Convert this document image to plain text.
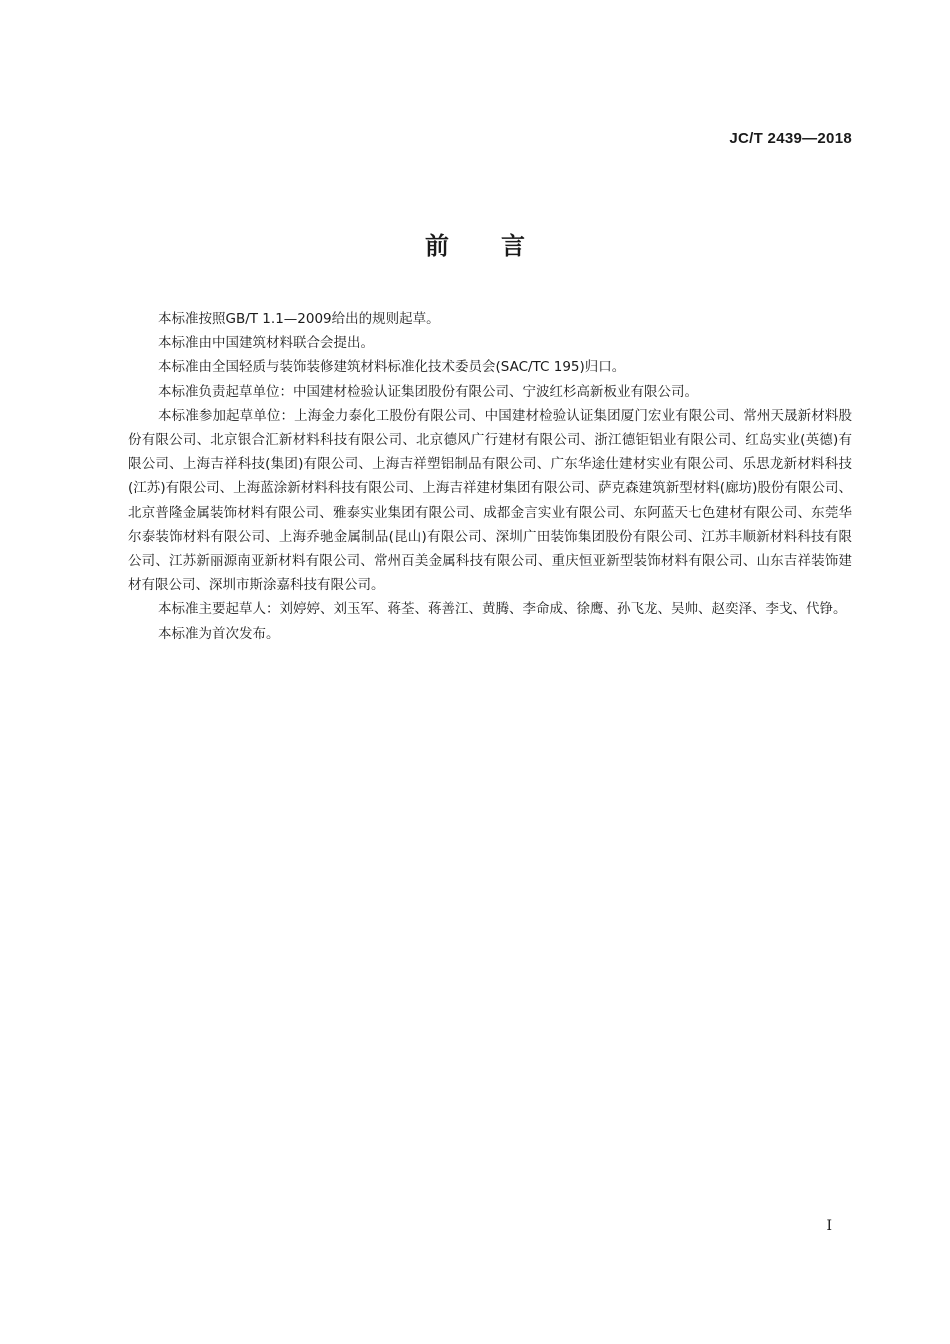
JC/T 2439—2018
前言

本标准按照GB/T 1.1—2009给出的规则起草。

本标准由中国建筑材料联合会提出。

本标准由全国轻质与装饰装修建筑材料标准化技术委员会(SAC/TC 195)归口。

本标准负责起草单位：中国建材检验认证集团股份有限公司、宁波红杉高新板业有限公司。

本标准参加起草单位：上海金力泰化工股份有限公司、中国建材检验认证集团厦门宏业有限公司、常州天晟新材料股份有限公司、北京银合汇新材料科技有限公司、北京德风广行建材有限公司、浙江德钜铝业有限公司、红岛实业(英德)有限公司、上海吉祥科技(集团)有限公司、上海吉祥塑铝制品有限公司、广东华途仕建材实业有限公司、乐思龙新材料科技(江苏)有限公司、上海蓝涂新材料科技有限公司、上海吉祥建材集团有限公司、萨克森建筑新型材料(廊坊)股份有限公司、北京普隆金属装饰材料有限公司、雅泰实业集团有限公司、成都金言实业有限公司、东阿蓝天七色建材有限公司、东莞华尔泰装饰材料有限公司、上海乔驰金属制品(昆山)有限公司、深圳广田装饰集团股份有限公司、江苏丰顺新材料科技有限公司、江苏新丽源南亚新材料有限公司、常州百美金属科技有限公司、重庆恒亚新型装饰材料有限公司、山东吉祥装饰建材有限公司、深圳市斯涂嘉科技有限公司。

本标准主要起草人：刘婷婷、刘玉军、蒋荃、蒋善江、黄腾、李命成、徐鹰、孙飞龙、吴帅、赵奕泽、李戈、代铮。

本标准为首次发布。

I
